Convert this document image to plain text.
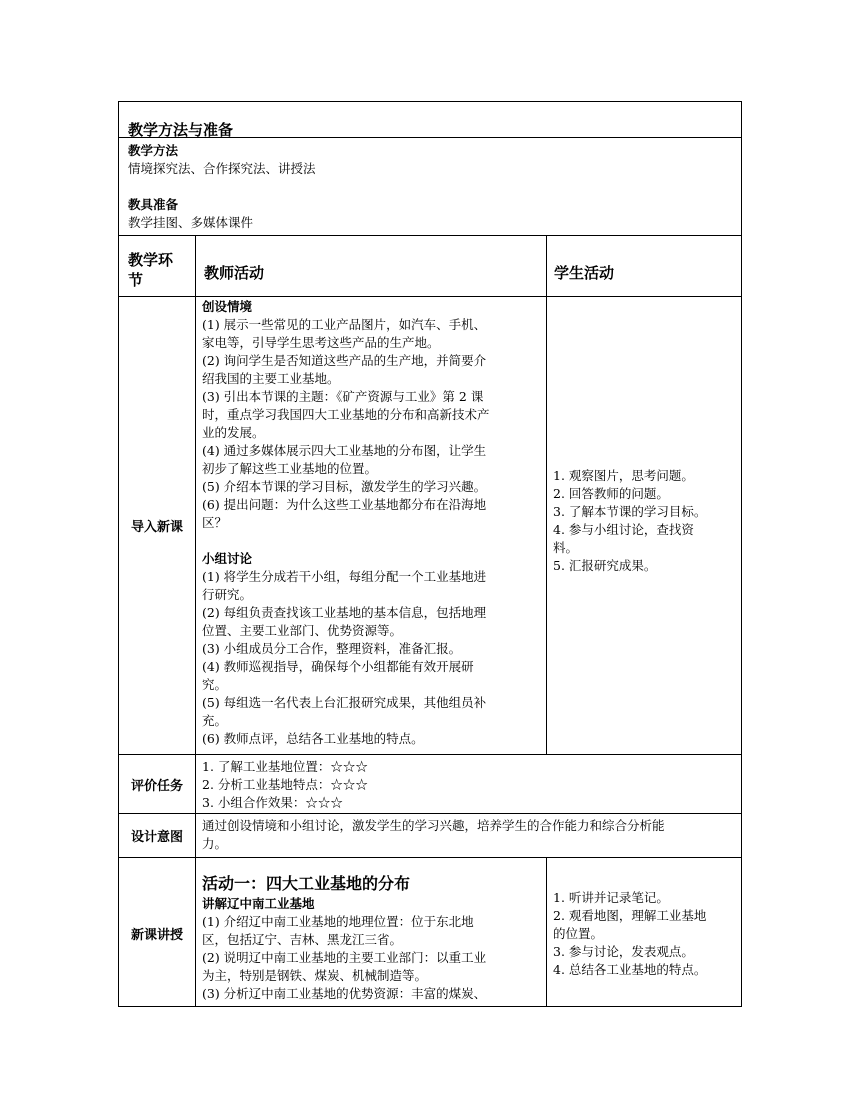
教学方法与准备
教学方法
情境探究法、合作探究法、讲授法
教具准备
教学挂图、多媒体课件
教学环
节	教师活动	学生活动
导入新课
创设情境
(1) 展示一些常见的工业产品图片，如汽车、手机、
家电等，引导学生思考这些产品的生产地。
(2) 询问学生是否知道这些产品的生产地，并简要介
绍我国的主要工业基地。
(3) 引出本节课的主题：《矿产资源与工业》第 2 课
时，重点学习我国四大工业基地的分布和高新技术产
业的发展。
(4) 通过多媒体展示四大工业基地的分布图，让学生
初步了解这些工业基地的位置。
(5) 介绍本节课的学习目标，激发学生的学习兴趣。
(6) 提出问题：为什么这些工业基地都分布在沿海地
区？
小组讨论
(1) 将学生分成若干小组，每组分配一个工业基地进
行研究。
(2) 每组负责查找该工业基地的基本信息，包括地理
位置、主要工业部门、优势资源等。
(3) 小组成员分工合作，整理资料，准备汇报。
(4) 教师巡视指导，确保每个小组都能有效开展研
究。
(5) 每组选一名代表上台汇报研究成果，其他组员补
充。
(6) 教师点评，总结各工业基地的特点。
1. 观察图片，思考问题。
2. 回答教师的问题。
3. 了解本节课的学习目标。
4. 参与小组讨论，查找资
料。
5. 汇报研究成果。
评价任务
1. 了解工业基地位置：☆☆☆
2. 分析工业基地特点：☆☆☆
3. 小组合作效果：☆☆☆
设计意图
通过创设情境和小组讨论，激发学生的学习兴趣，培养学生的合作能力和综合分析能
力。
新课讲授
活动一：四大工业基地的分布
讲解辽中南工业基地
(1) 介绍辽中南工业基地的地理位置：位于东北地
区，包括辽宁、吉林、黑龙江三省。
(2) 说明辽中南工业基地的主要工业部门：以重工业
为主，特别是钢铁、煤炭、机械制造等。
(3) 分析辽中南工业基地的优势资源：丰富的煤炭、
1. 听讲并记录笔记。
2. 观看地图，理解工业基地
的位置。
3. 参与讨论，发表观点。
4. 总结各工业基地的特点。
